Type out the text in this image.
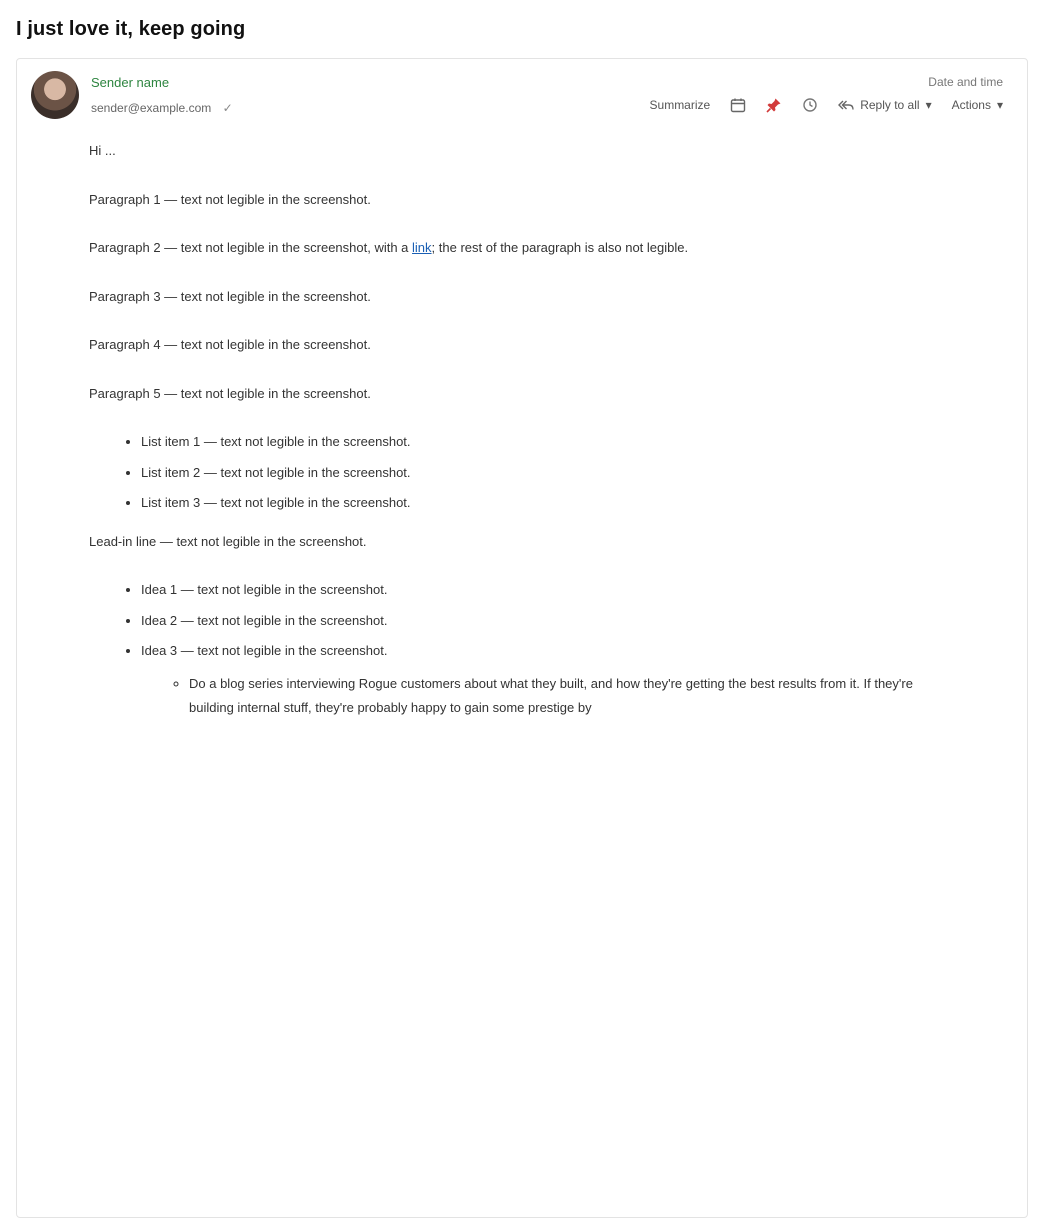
I just love it, keep going
Sender name
sender@example.com ✓
Date and time
Summarize	Reply to all ▾ Actions ▾

Hi ...

Paragraph 1 — text not legible in the screenshot.

Paragraph 2 — text not legible in the screenshot, with a link; the rest of the paragraph is also not legible.

Paragraph 3 — text not legible in the screenshot.

Paragraph 4 — text not legible in the screenshot.

Paragraph 5 — text not legible in the screenshot.

• List item 1 — text not legible in the screenshot.
• List item 2 — text not legible in the screenshot.
• List item 3 — text not legible in the screenshot.

Lead-in line — text not legible in the screenshot.

• Idea 1 — text not legible in the screenshot.
• Idea 2 — text not legible in the screenshot.
• Idea 3 — text not legible in the screenshot.
◦ Do a blog series interviewing Rogue customers about what they built, and how they're getting the best results from it. If they're building internal stuff, they're probably happy to gain some prestige by
